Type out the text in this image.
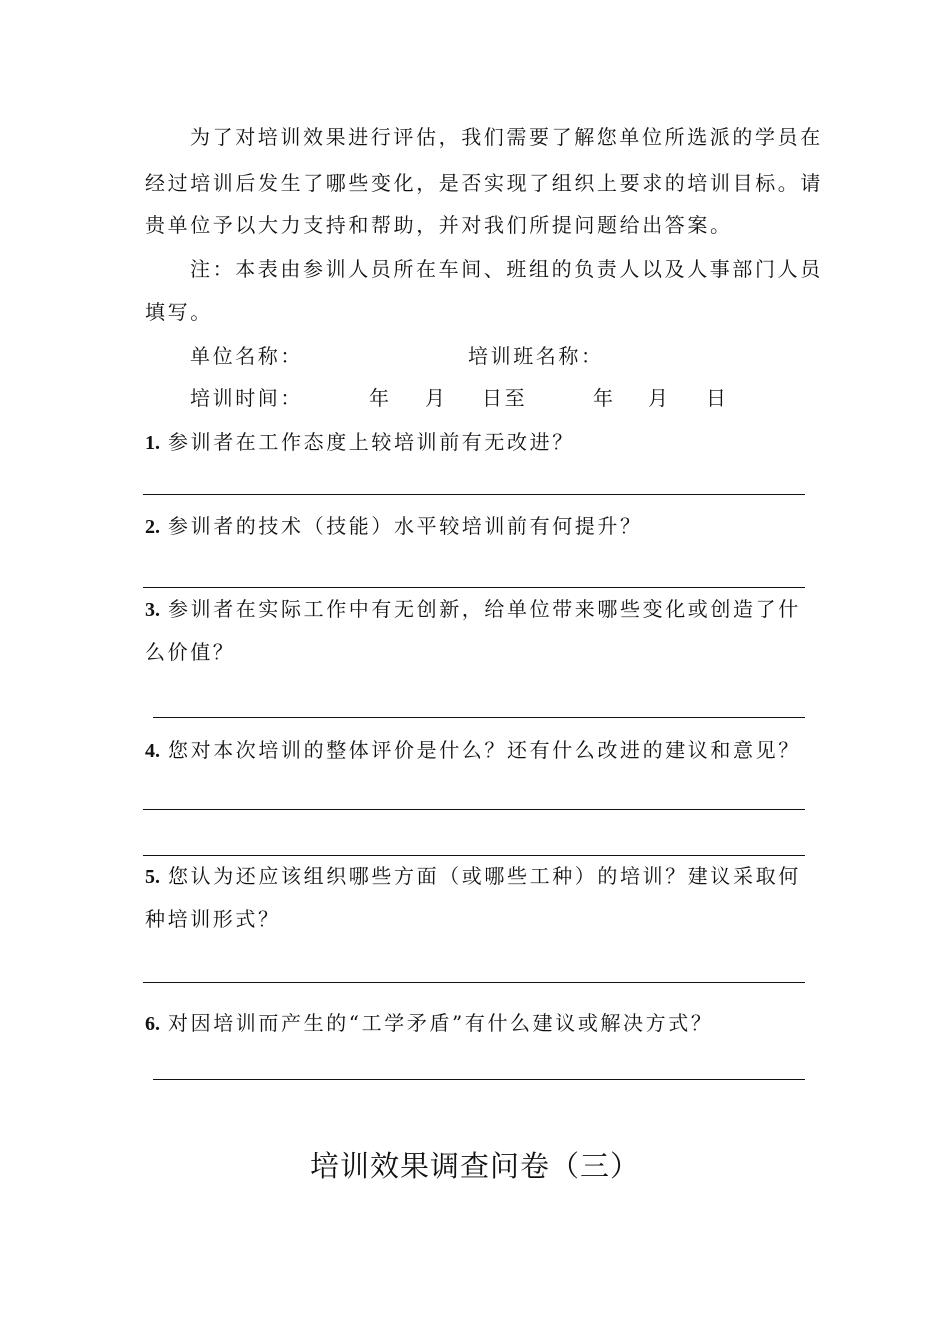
为了对培训效果进行评估，我们需要了解您单位所选派的学员在
经过培训后发生了哪些变化，是否实现了组织上要求的培训目标。请
贵单位予以大力支持和帮助，并对我们所提问题给出答案。
注：本表由参训人员所在车间、班组的负责人以及人事部门人员
填写。
单位名称：	培训班名称：
培训时间：	年 月 日至	年 月 日
1. 参训者在工作态度上较培训前有无改进？
2. 参训者的技术（技能）水平较培训前有何提升？
3. 参训者在实际工作中有无创新，给单位带来哪些变化或创造了什
么价值？
4. 您对本次培训的整体评价是什么？还有什么改进的建议和意见？
5. 您认为还应该组织哪些方面（或哪些工种）的培训？建议采取何
种培训形式？
6. 对因培训而产生的“工学矛盾”有什么建议或解决方式？
培训效果调查问卷（三）
